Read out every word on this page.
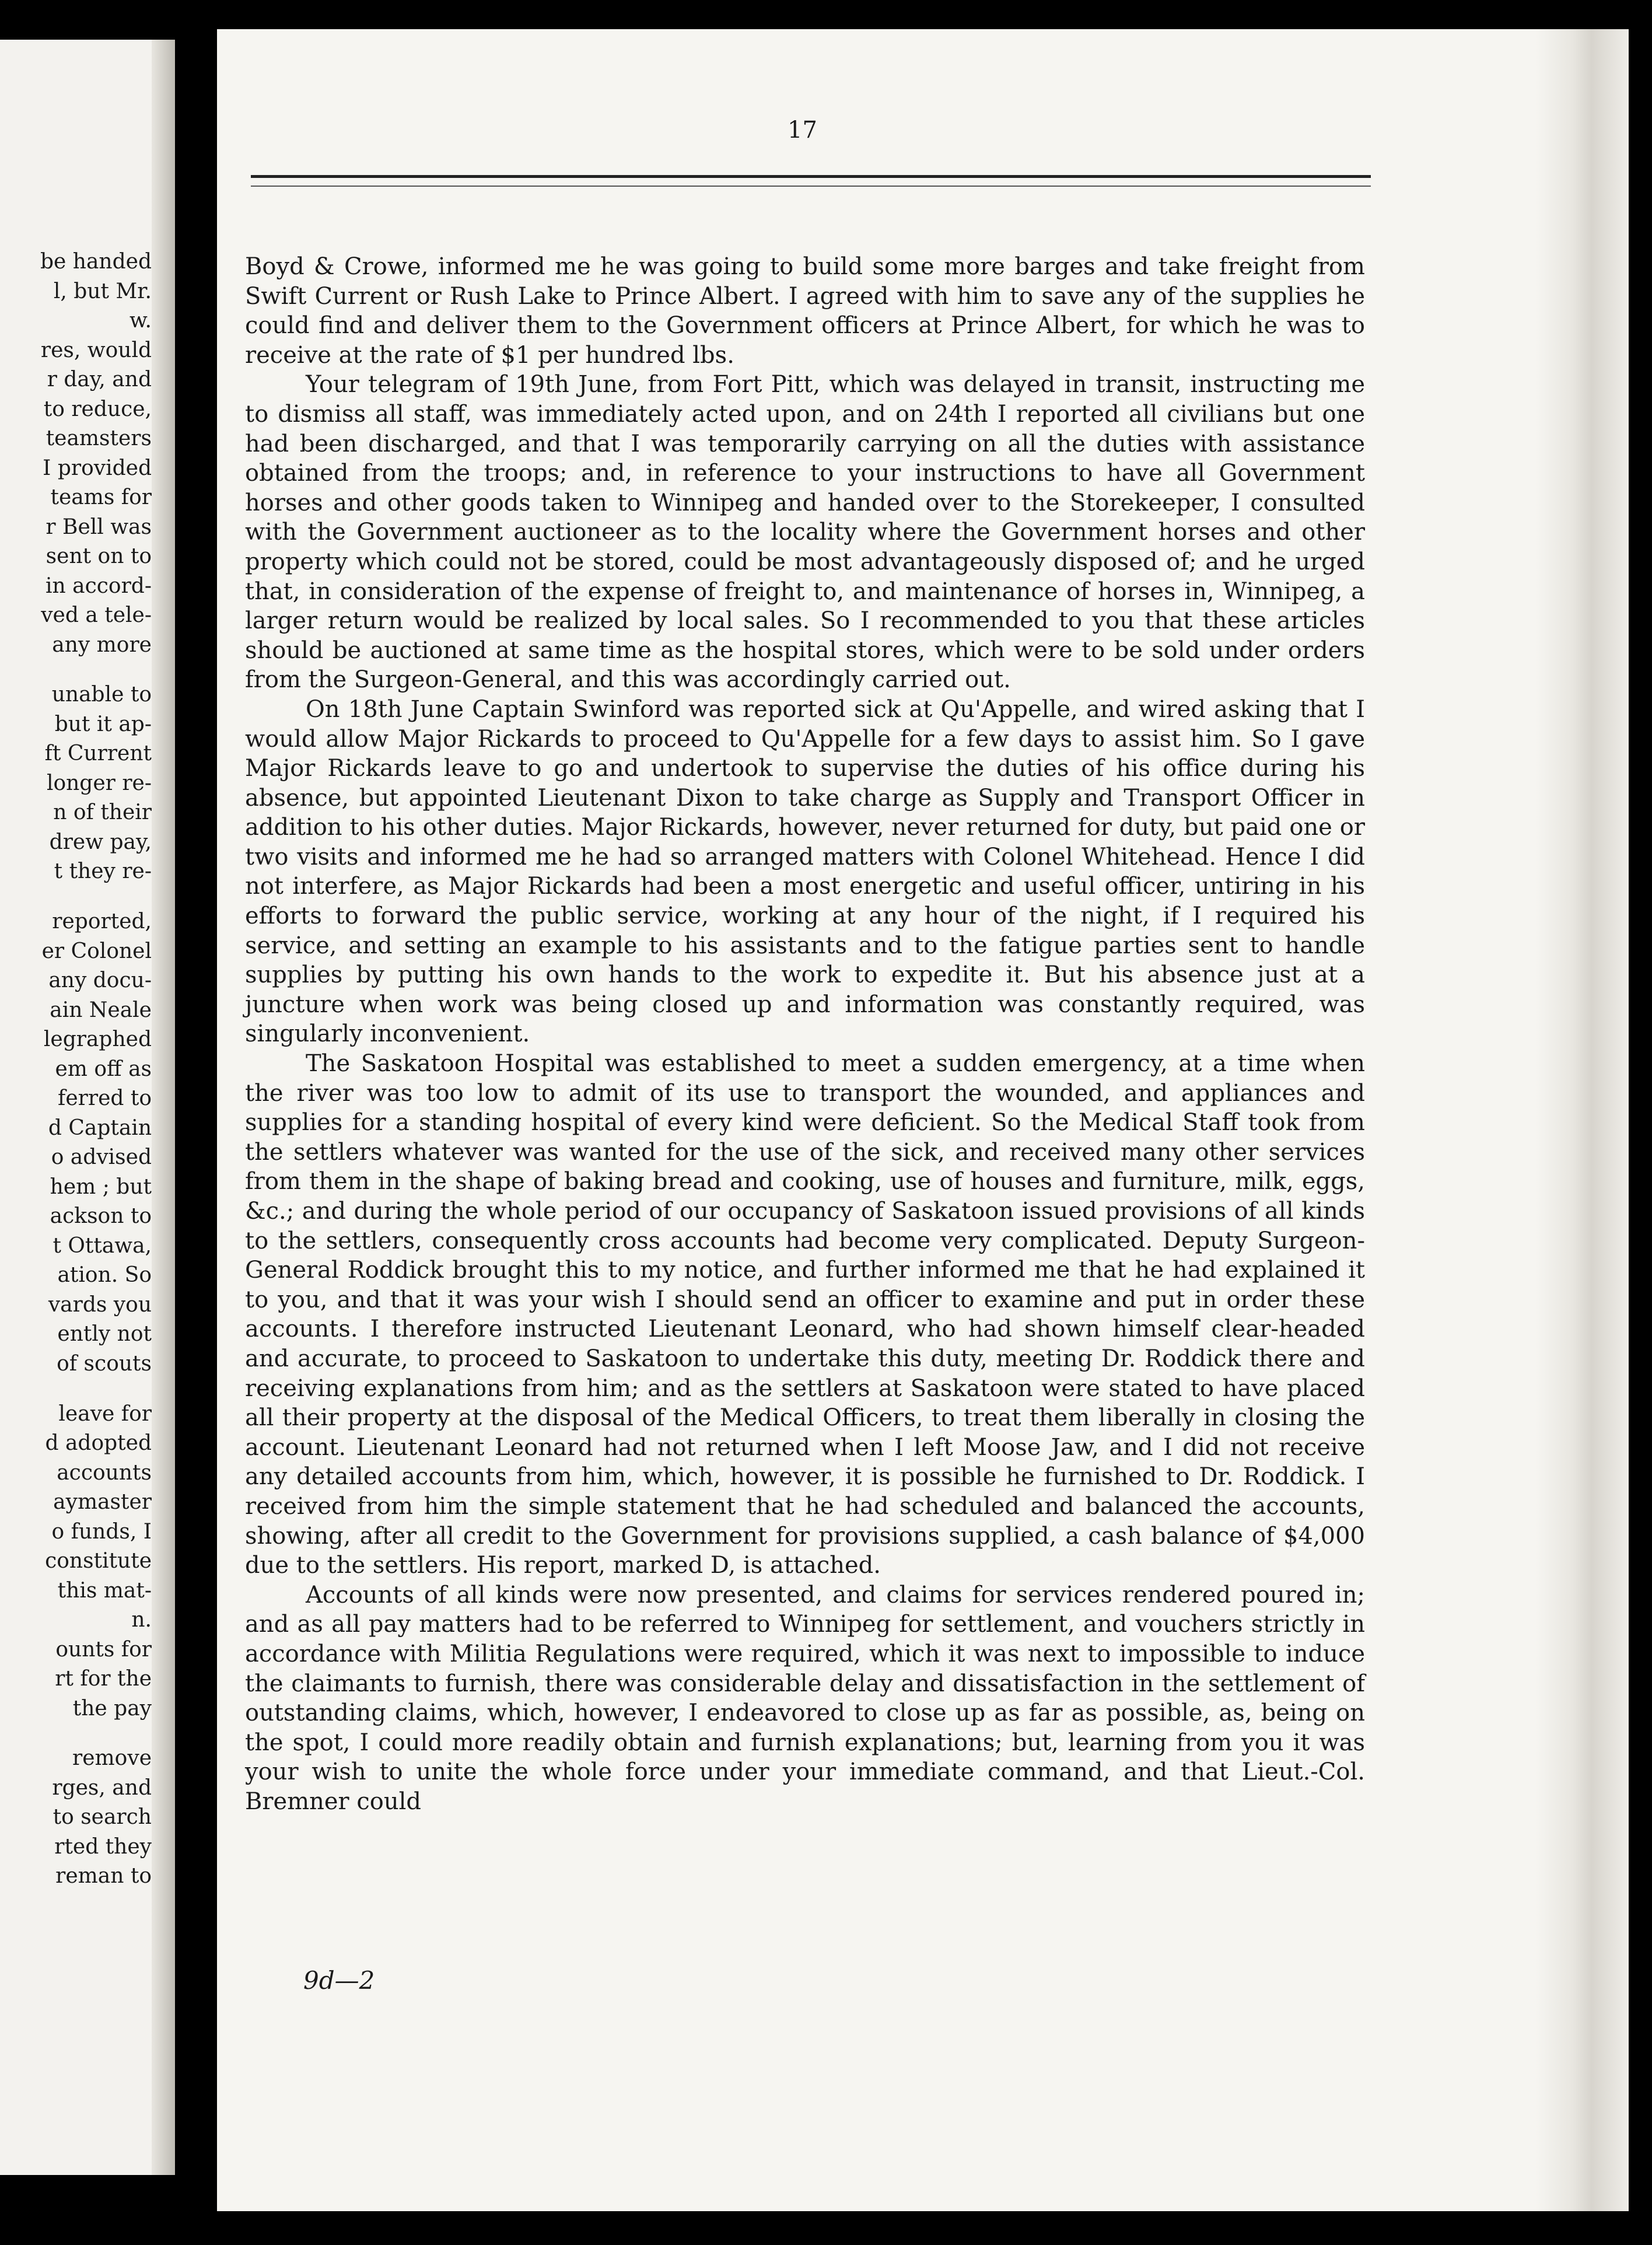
be handed
l, but Mr.
w.
res, would
r day, and
to reduce,
teamsters
I provided
teams for
r Bell was
sent on to
in accord-
ved a tele-
any more
unable to
but it ap-
ft Current
longer re-
n of their
drew pay,
t they re-
reported,
er Colonel
any docu-
ain Neale
legraphed
em off as
ferred to
d Captain
o advised
hem ; but
ackson to
t Ottawa,
ation. So
vards you
ently not
of scouts
leave for
d adopted
accounts
aymaster
o funds, I
constitute
this mat-
n.
ounts for
rt for the
the pay
remove
rges, and
to search
rted they
reman to
17

Boyd & Crowe, informed me he was going to build some more barges and take freight from Swift Current or Rush Lake to Prince Albert. I agreed with him to save any of the supplies he could find and deliver them to the Government officers at Prince Albert, for which he was to receive at the rate of $1 per hundred lbs.

Your telegram of 19th June, from Fort Pitt, which was delayed in transit, instructing me to dismiss all staff, was immediately acted upon, and on 24th I reported all civilians but one had been discharged, and that I was temporarily carrying on all the duties with assistance obtained from the troops; and, in reference to your instructions to have all Government horses and other goods taken to Winnipeg and handed over to the Storekeeper, I consulted with the Government auctioneer as to the locality where the Government horses and other property which could not be stored, could be most advantageously disposed of; and he urged that, in consideration of the expense of freight to, and maintenance of horses in, Winnipeg, a larger return would be realized by local sales. So I recommended to you that these articles should be auctioned at same time as the hospital stores, which were to be sold under orders from the Surgeon-General, and this was accordingly carried out.

On 18th June Captain Swinford was reported sick at Qu'Appelle, and wired asking that I would allow Major Rickards to proceed to Qu'Appelle for a few days to assist him. So I gave Major Rickards leave to go and undertook to supervise the duties of his office during his absence, but appointed Lieutenant Dixon to take charge as Supply and Transport Officer in addition to his other duties. Major Rickards, however, never returned for duty, but paid one or two visits and informed me he had so arranged matters with Colonel Whitehead. Hence I did not interfere, as Major Rickards had been a most energetic and useful officer, untiring in his efforts to forward the public service, working at any hour of the night, if I required his service, and setting an example to his assistants and to the fatigue parties sent to handle supplies by putting his own hands to the work to expedite it. But his absence just at a juncture when work was being closed up and information was constantly required, was singularly inconvenient.

The Saskatoon Hospital was established to meet a sudden emergency, at a time when the river was too low to admit of its use to transport the wounded, and appliances and supplies for a standing hospital of every kind were deficient. So the Medical Staff took from the settlers whatever was wanted for the use of the sick, and received many other services from them in the shape of baking bread and cooking, use of houses and furniture, milk, eggs, &c.; and during the whole period of our occupancy of Saskatoon issued provisions of all kinds to the settlers, consequently cross accounts had become very complicated. Deputy Surgeon-General Roddick brought this to my notice, and further informed me that he had explained it to you, and that it was your wish I should send an officer to examine and put in order these accounts. I therefore instructed Lieutenant Leonard, who had shown himself clear-headed and accurate, to proceed to Saskatoon to undertake this duty, meeting Dr. Roddick there and receiving explanations from him; and as the settlers at Saskatoon were stated to have placed all their property at the disposal of the Medical Officers, to treat them liberally in closing the account. Lieutenant Leonard had not returned when I left Moose Jaw, and I did not receive any detailed accounts from him, which, however, it is possible he furnished to Dr. Roddick. I received from him the simple statement that he had scheduled and balanced the accounts, showing, after all credit to the Government for provisions supplied, a cash balance of $4,000 due to the settlers. His report, marked D, is attached.

Accounts of all kinds were now presented, and claims for services rendered poured in; and as all pay matters had to be referred to Winnipeg for settlement, and vouchers strictly in accordance with Militia Regulations were required, which it was next to impossible to induce the claimants to furnish, there was considerable delay and dissatisfaction in the settlement of outstanding claims, which, however, I endeavored to close up as far as possible, as, being on the spot, I could more readily obtain and furnish explanations; but, learning from you it was your wish to unite the whole force under your immediate command, and that Lieut.-Col. Bremner could

9d—2
